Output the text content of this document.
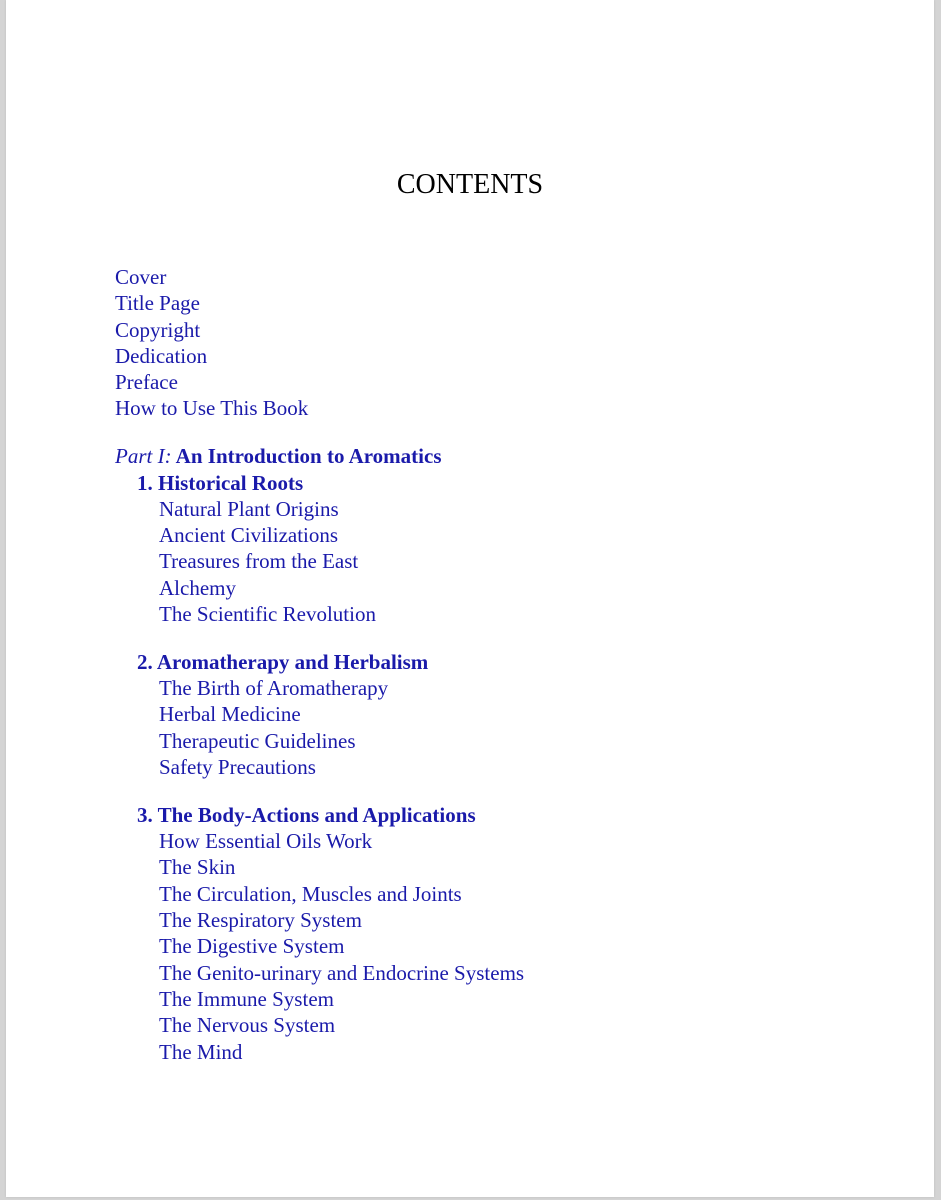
CONTENTS
Cover
Title Page
Copyright
Dedication
Preface
How to Use This Book
Part I: An Introduction to Aromatics
1. Historical Roots
Natural Plant Origins
Ancient Civilizations
Treasures from the East
Alchemy
The Scientific Revolution
2. Aromatherapy and Herbalism
The Birth of Aromatherapy
Herbal Medicine
Therapeutic Guidelines
Safety Precautions
3. The Body-Actions and Applications
How Essential Oils Work
The Skin
The Circulation, Muscles and Joints
The Respiratory System
The Digestive System
The Genito-urinary and Endocrine Systems
The Immune System
The Nervous System
The Mind
